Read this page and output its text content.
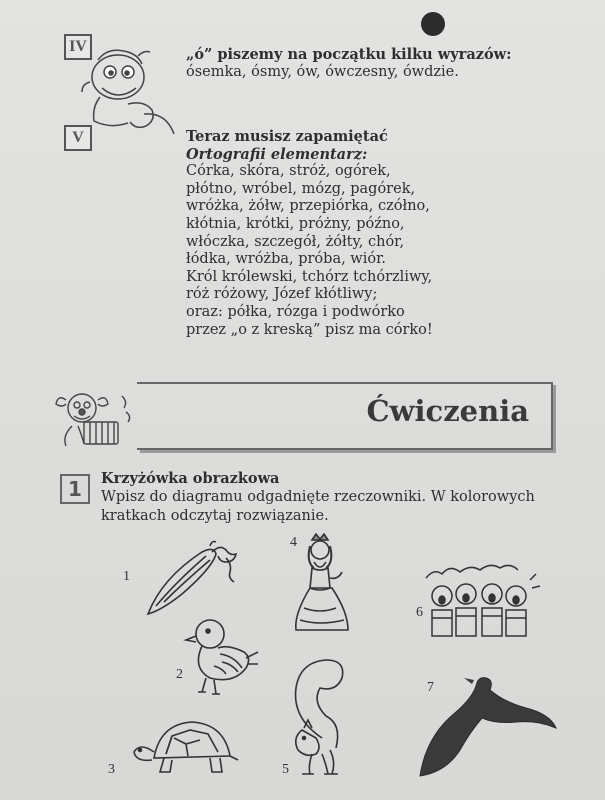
IV	„ó” piszemy na początku kilku wyrazów:
ósemka, ósmy, ów, ówczesny, ówdzie.
V	Teraz musisz zapamiętać
Ortografii elementarz:
Córka, skóra, stróż, ogórek,
płótno, wróbel, mózg, pagórek,
wróżka, żółw, przepiórka, czółno,
kłótnia, krótki, próżny, późno,
włóczka, szczegół, żółty, chór,
łódka, wróżba, próba, wiór.
Król królewski, tchórz tchórzliwy,
róż różowy, Józef kłótliwy;
oraz: półka, rózga i podwórko
przez „o z kreską” pisz ma córko!
Ćwiczenia
1	Krzyżówka obrazkowa
Wpisz do diagramu odgadnięte rzeczowniki. W kolorowych
kratkach odczytaj rozwiązanie.
1
2
3
4
5
6
7
